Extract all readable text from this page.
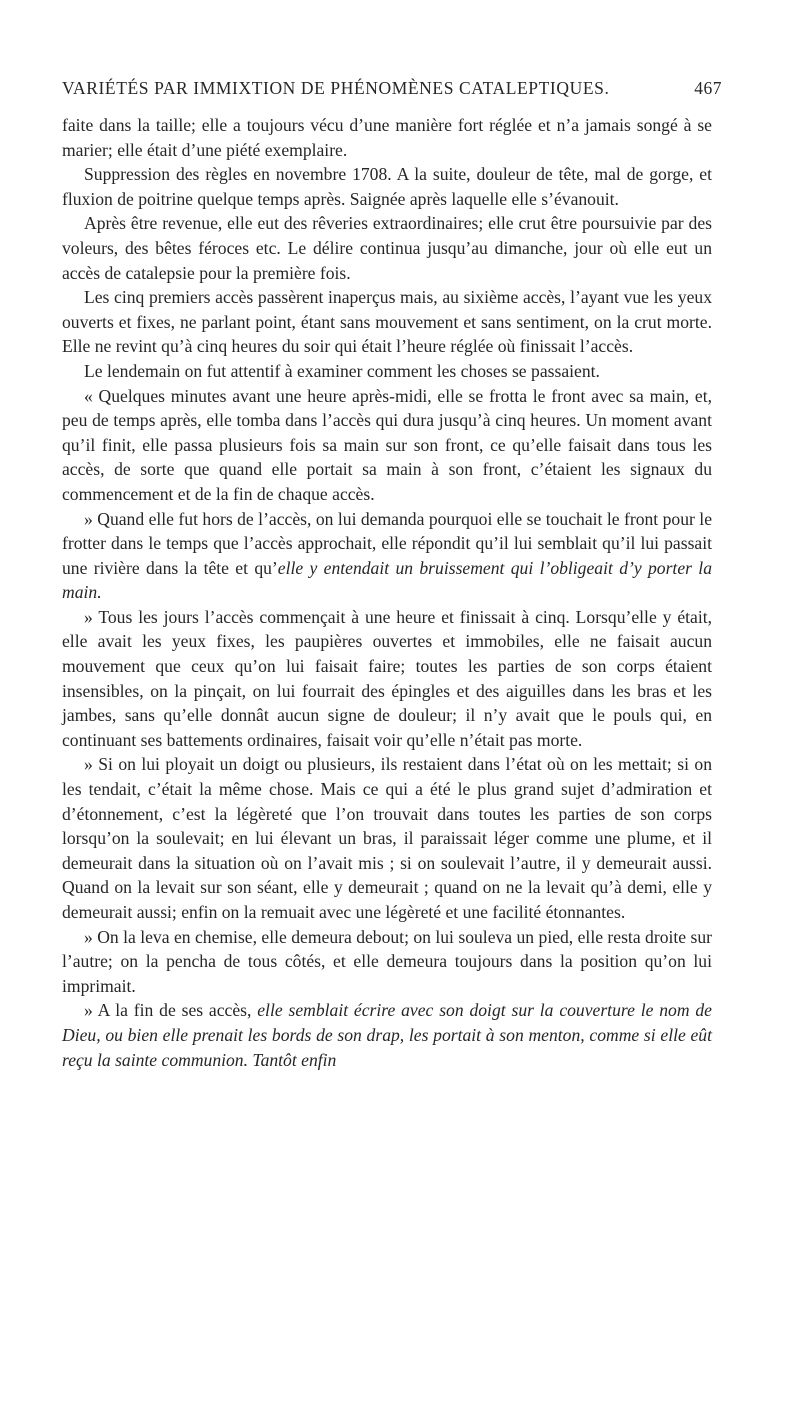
VARIÉTÉS PAR IMMIXTION DE PHÉNOMÈNES CATALEPTIQUES.	467

faite dans la taille; elle a toujours vécu d’une manière fort réglée et n’a jamais songé à se marier; elle était d’une piété exemplaire.

Suppression des règles en novembre 1708. A la suite, douleur de tête, mal de gorge, et fluxion de poitrine quelque temps après. Saignée après laquelle elle s’évanouit.

Après être revenue, elle eut des rêveries extraordinaires; elle crut être poursuivie par des voleurs, des bêtes féroces etc. Le délire continua jusqu’au dimanche, jour où elle eut un accès de catalepsie pour la première fois.

Les cinq premiers accès passèrent inaperçus mais, au sixième accès, l’ayant vue les yeux ouverts et fixes, ne parlant point, étant sans mouvement et sans sentiment, on la crut morte. Elle ne revint qu’à cinq heures du soir qui était l’heure réglée où finissait l’accès.

Le lendemain on fut attentif à examiner comment les choses se passaient.

« Quelques minutes avant une heure après-midi, elle se frotta le front avec sa main, et, peu de temps après, elle tomba dans l’accès qui dura jusqu’à cinq heures. Un moment avant qu’il finit, elle passa plusieurs fois sa main sur son front, ce qu’elle faisait dans tous les accès, de sorte que quand elle portait sa main à son front, c’étaient les signaux du commencement et de la fin de chaque accès.

» Quand elle fut hors de l’accès, on lui demanda pourquoi elle se touchait le front pour le frotter dans le temps que l’accès approchait, elle répondit qu’il lui semblait qu’il lui passait une rivière dans la tête et qu’elle y entendait un bruissement qui l’obligeait d’y porter la main.

» Tous les jours l’accès commençait à une heure et finissait à cinq. Lorsqu’elle y était, elle avait les yeux fixes, les paupières ouvertes et immobiles, elle ne faisait aucun mouvement que ceux qu’on lui faisait faire; toutes les parties de son corps étaient insensibles, on la pinçait, on lui fourrait des épingles et des aiguilles dans les bras et les jambes, sans qu’elle donnât aucun signe de douleur; il n’y avait que le pouls qui, en continuant ses battements ordinaires, faisait voir qu’elle n’était pas morte.

» Si on lui ployait un doigt ou plusieurs, ils restaient dans l’état où on les mettait; si on les tendait, c’était la même chose. Mais ce qui a été le plus grand sujet d’admiration et d’étonnement, c’est la légèreté que l’on trouvait dans toutes les parties de son corps lorsqu’on la soulevait; en lui élevant un bras, il paraissait léger comme une plume, et il demeurait dans la situation où on l’avait mis ; si on soulevait l’autre, il y demeurait aussi. Quand on la levait sur son séant, elle y demeurait ; quand on ne la levait qu’à demi, elle y demeurait aussi; enfin on la remuait avec une légèreté et une facilité étonnantes.

» On la leva en chemise, elle demeura debout; on lui souleva un pied, elle resta droite sur l’autre; on la pencha de tous côtés, et elle demeura toujours dans la position qu’on lui imprimait.

» A la fin de ses accès, elle semblait écrire avec son doigt sur la couverture le nom de Dieu, ou bien elle prenait les bords de son drap, les portait à son menton, comme si elle eût reçu la sainte communion. Tantôt enfin
